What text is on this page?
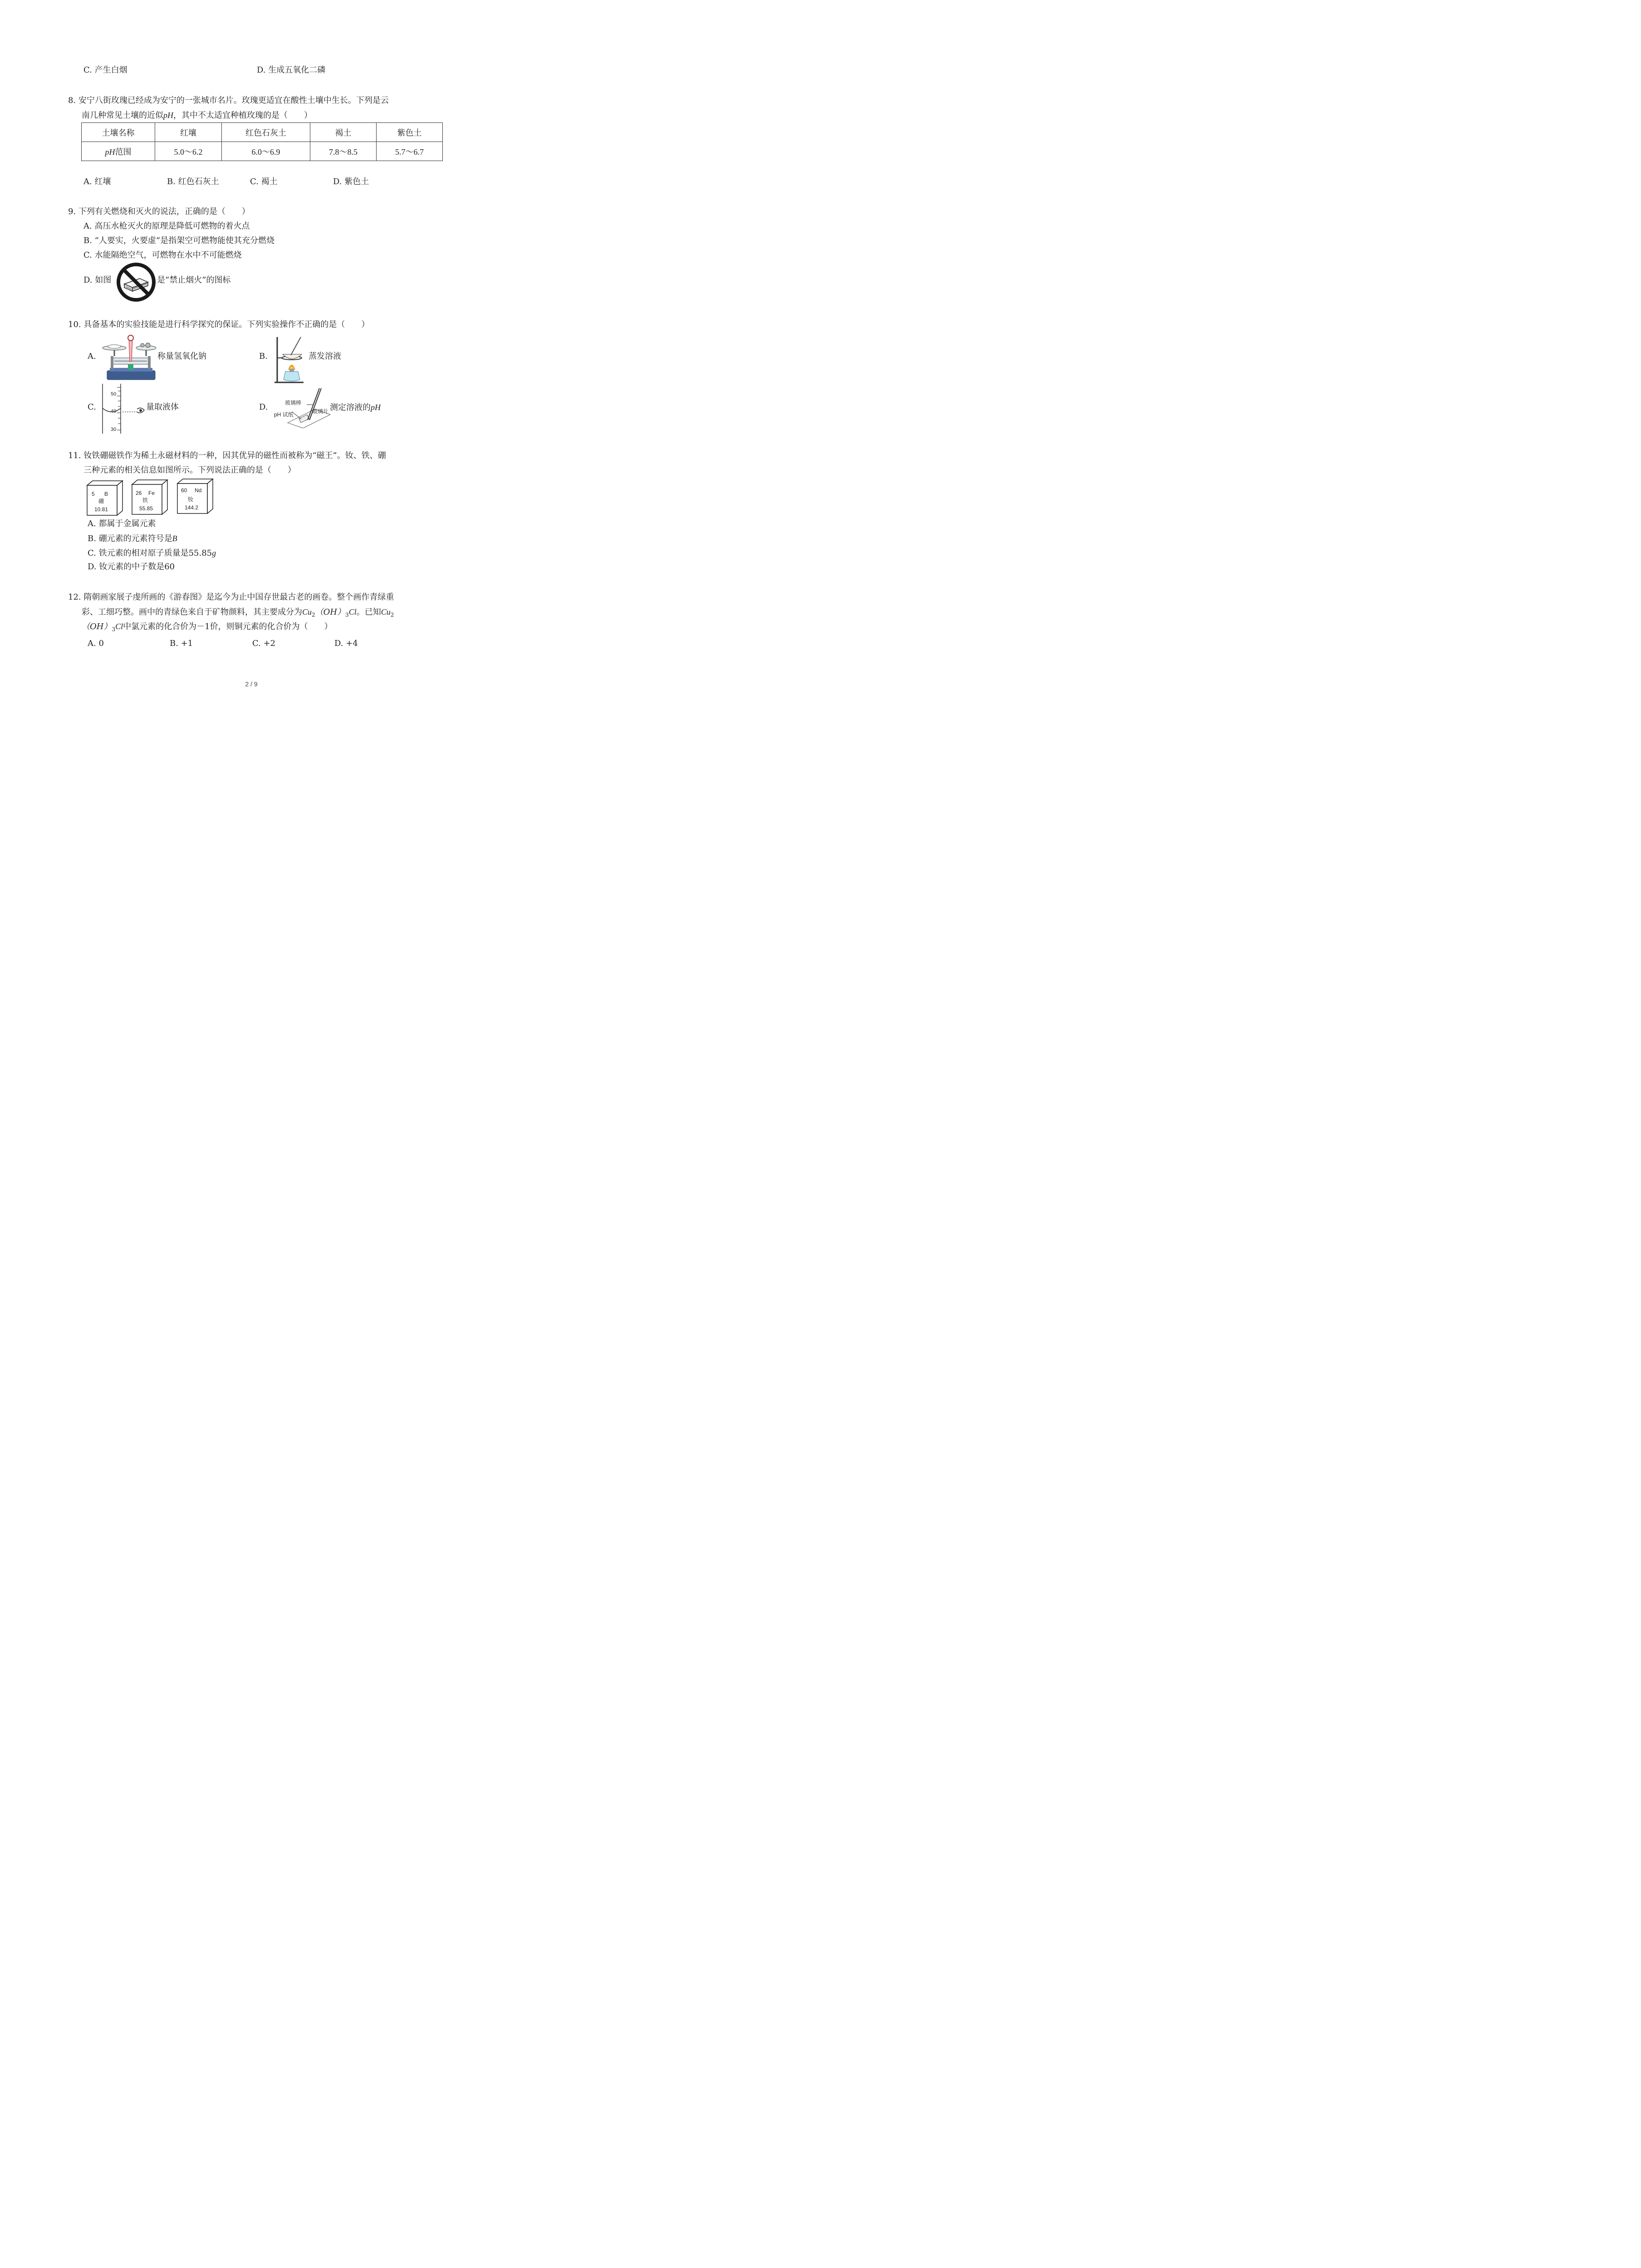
C. 产生白烟	D. 生成五氧化二磷
8. 安宁八街玫瑰已经成为安宁的一张城市名片。玫瑰更适宜在酸性土壤中生长。下列是云
南几种常见土壤的近似pH，其中不太适宜种植玫瑰的是（　　）
土壤名称	红壤	红色石灰土	褐土	紫色土
pH范围	5.0～6.2	6.0～6.9	7.8～8.5	5.7～6.7
A. 红壤	B. 红色石灰土	C. 褐土	D. 紫色土
9. 下列有关燃烧和灭火的说法，正确的是（　　）
A. 高压水枪灭火的原理是降低可燃物的着火点
B. “人要实，火要虚”是指架空可燃物能使其充分燃烧
C. 水能隔绝空气，可燃物在水中不可能燃烧
D. 如图	是“禁止烟火”的图标
10. 具备基本的实验技能是进行科学探究的保证。下列实验操作不正确的是（　　）
A.	称量氢氧化钠	B.	蒸发溶液
C.
50
40
30
量取液体	D.	玻璃棒
pH 试纸	玻璃片 测定溶液的pH
11. 钕铁硼磁铁作为稀土永磁材料的一种，因其优异的磁性而被称为“磁王”。钕、铁、硼
三种元素的相关信息如图所示。下列说法正确的是（　　）
5 B
硼
10.81
26 Fe
铁
55.85
60 Nd
钕
144.2
A. 都属于金属元素
B. 硼元素的元素符号是B
C. 铁元素的相对原子质量是55.85g
D. 钕元素的中子数是60
12. 隋朝画家展子虔所画的《游春图》是迄今为止中国存世最古老的画卷。整个画作青绿重
彩、工细巧整。画中的青绿色来自于矿物颜料，其主要成分为$Cu_2(OH)_3Cl$。已知$Cu_2$
$(OH)_3Cl$中氯元素的化合价为－1价，则铜元素的化合价为（　　）
A. 0	B. +1	C. +2	D. +4
2 / 9
